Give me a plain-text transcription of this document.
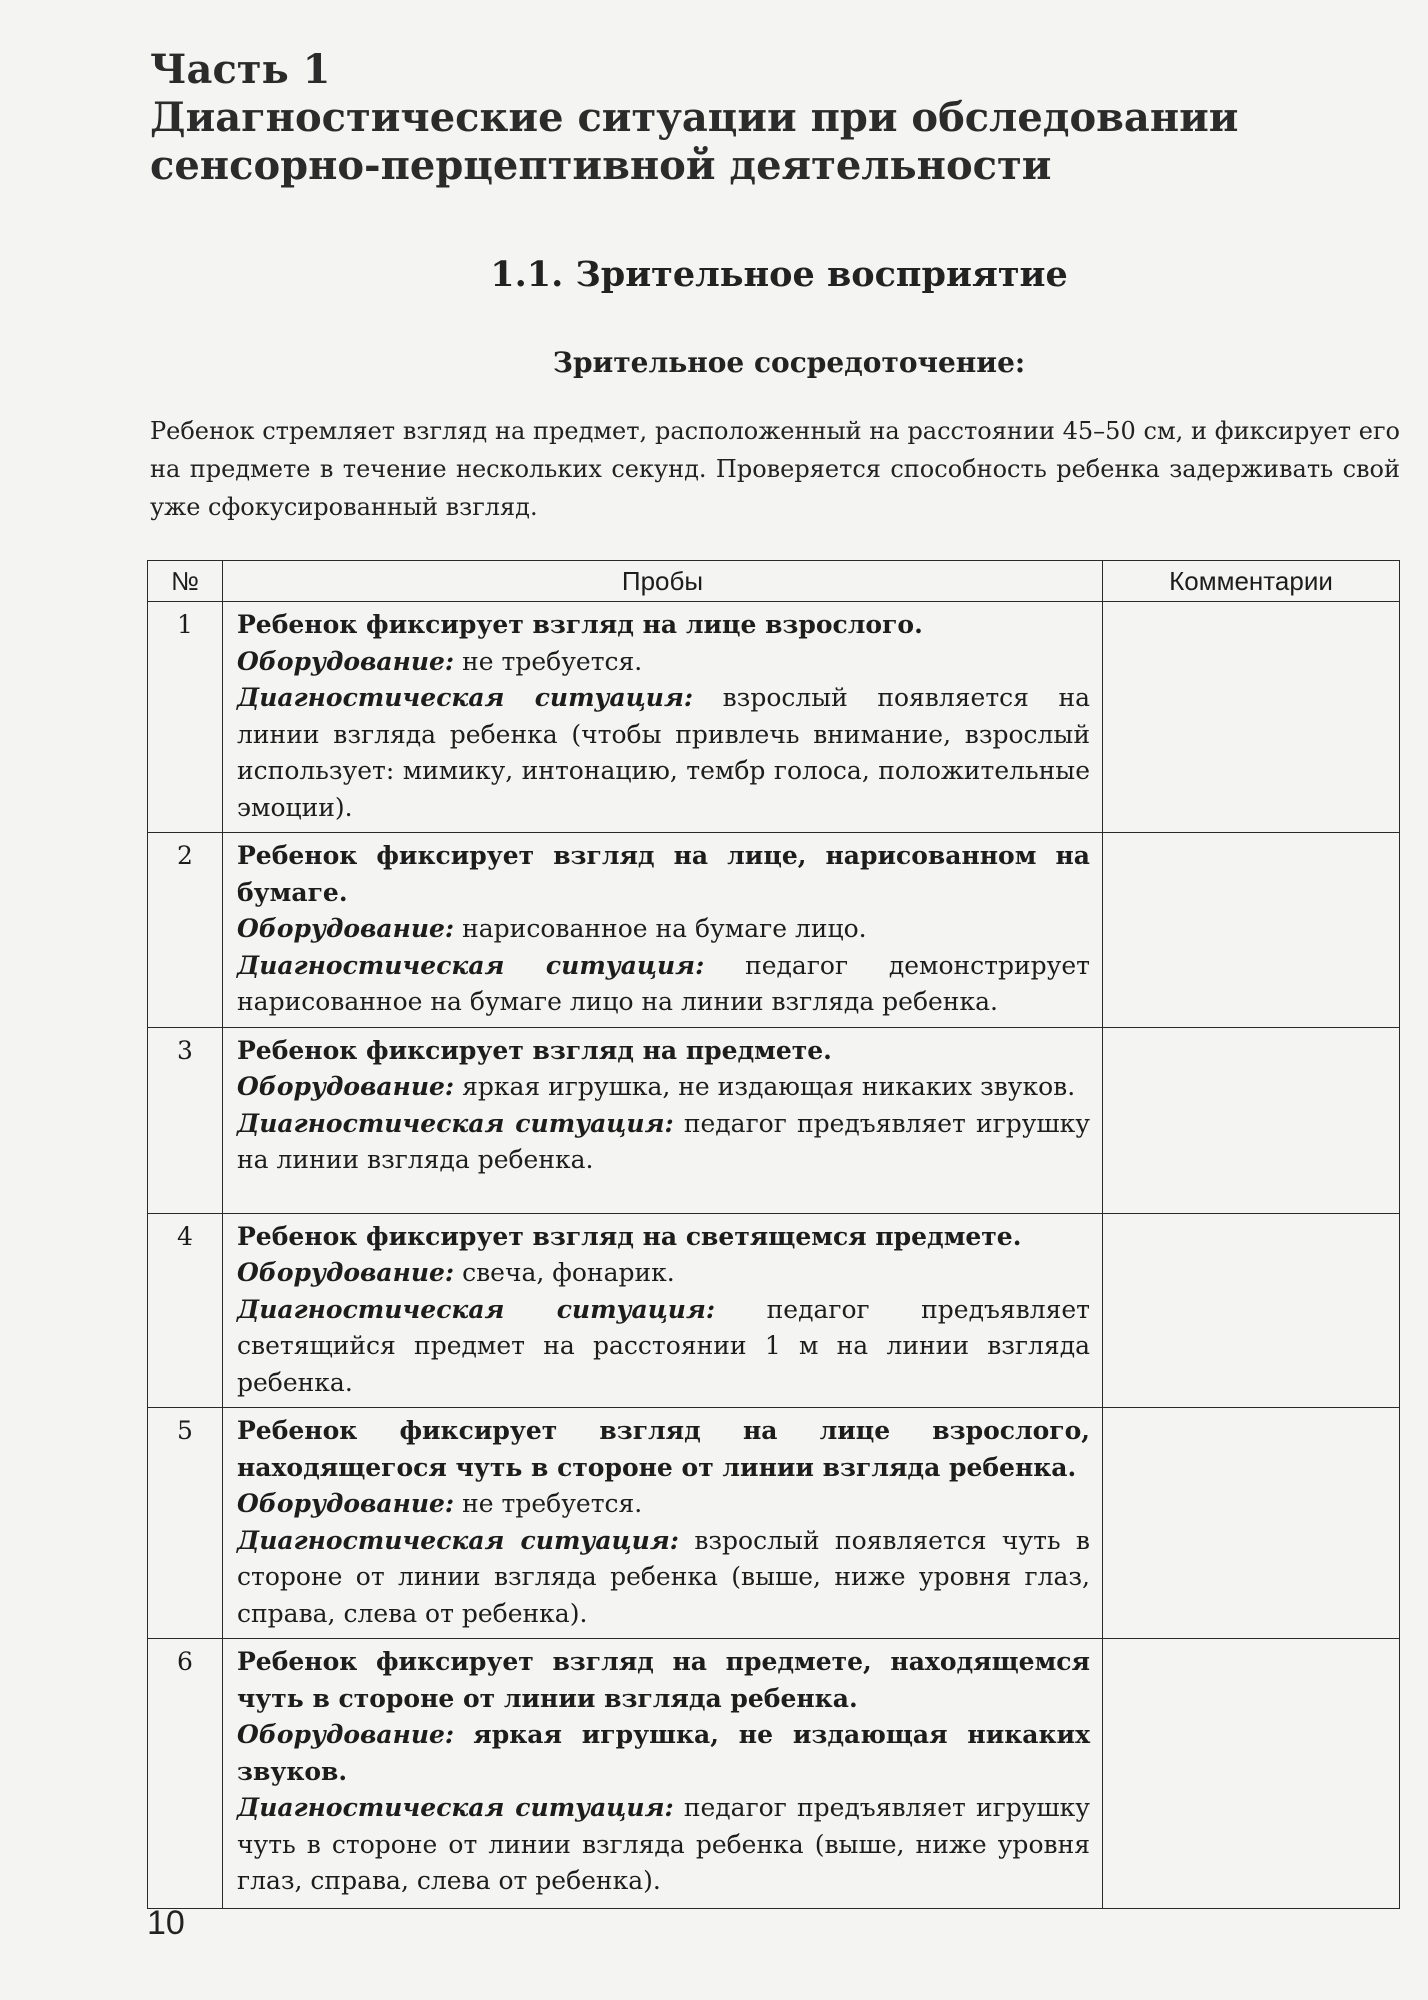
Часть 1
Диагностические ситуации при обследовании
сенсорно-перцептивной деятельности
1.1. Зрительное восприятие
Зрительное сосредоточение:
Ребенок стремляет взгляд на предмет, расположенный на расстоянии 45–50 см, и фиксирует его на предмете в течение нескольких секунд. Проверяется способность ребенка задерживать свой уже сфокусированный взгляд.
№	Пробы	Комментарии
1	Ребенок фиксирует взгляд на лице взрослого.
Оборудование: не требуется.
Диагностическая ситуация: взрослый появляется на линии взгляда ребенка (чтобы привлечь внимание, взрослый использует: мимику, интонацию, тембр голоса, положительные эмоции).	
2	Ребенок фиксирует взгляд на лице, нарисованном на бумаге.
Оборудование: нарисованное на бумаге лицо.
Диагностическая ситуация: педагог демонстрирует нарисованное на бумаге лицо на линии взгляда ребенка.	
3	Ребенок фиксирует взгляд на предмете.
Оборудование: яркая игрушка, не издающая никаких звуков.
Диагностическая ситуация: педагог предъявляет игрушку на линии взгляда ребенка.	
4	Ребенок фиксирует взгляд на светящемся предмете.
Оборудование: свеча, фонарик.
Диагностическая ситуация: педагог предъявляет светящийся предмет на расстоянии 1 м на линии взгляда ребенка.	
5	Ребенок фиксирует взгляд на лице взрослого, находящегося чуть в стороне от линии взгляда ребенка.
Оборудование: не требуется.
Диагностическая ситуация: взрослый появляется чуть в стороне от линии взгляда ребенка (выше, ниже уровня глаз, справа, слева от ребенка).	
6	Ребенок фиксирует взгляд на предмете, находящемся чуть в стороне от линии взгляда ребенка.
Оборудование: яркая игрушка, не издающая никаких звуков.
Диагностическая ситуация: педагог предъявляет игрушку чуть в стороне от линии взгляда ребенка (выше, ниже уровня глаз, справа, слева от ребенка).	
10
